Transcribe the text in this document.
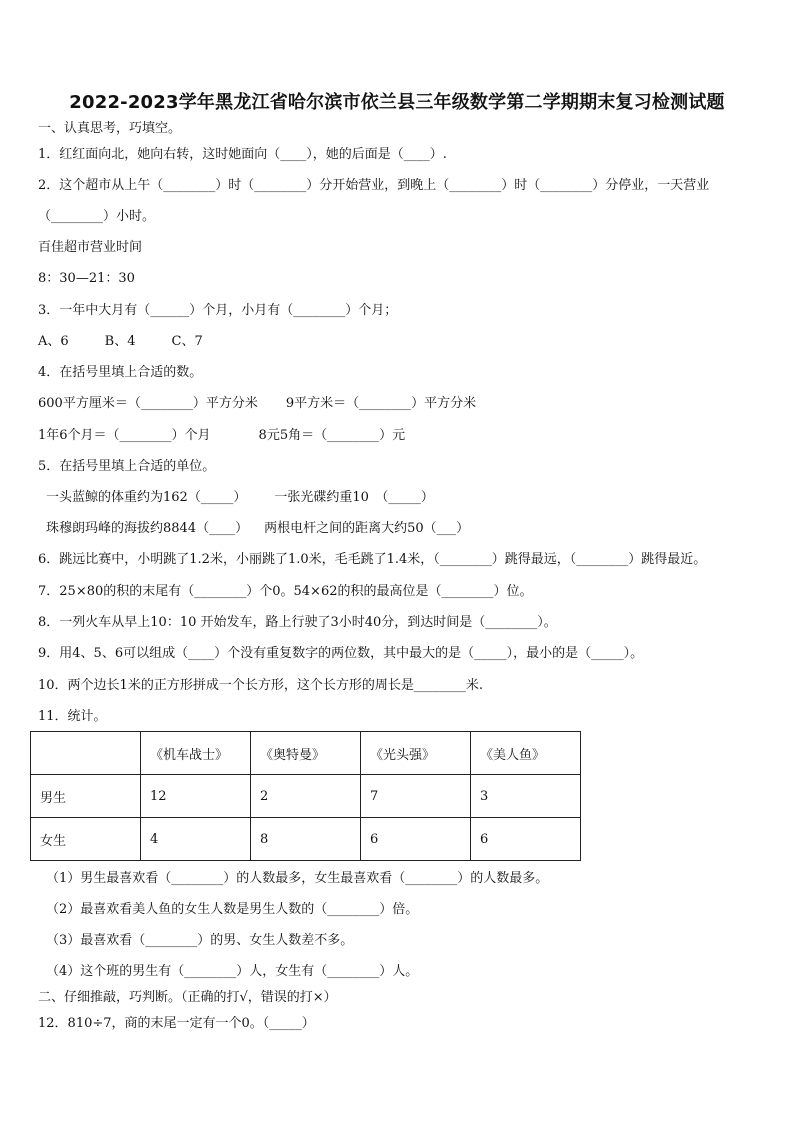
2022-2023学年黑龙江省哈尔滨市依兰县三年级数学第二学期期末复习检测试题
一、认真思考，巧填空。
1．红红面向北，她向右转，这时她面向（____），她的后面是（____）.
2．这个超市从上午（________）时（________）分开始营业，到晚上（________）时（________）分停业，一天营业
（________）小时。
百佳超市营业时间
8：30—21：30
3．一年中大月有（______）个月，小月有（________）个月；
A、6	B、4	C、7
4．在括号里填上合适的数。
600平方厘米＝（________）平方分米 9平方米＝（________）平方分米
1年6个月＝（________）个月	8元5角＝（________）元
5．在括号里填上合适的单位。
一头蓝鲸的体重约为162（_____） 一张光碟约重10　（_____）
珠穆朗玛峰的海拔约8844（____） 两根电杆之间的距离大约50（___）
6．跳远比赛中，小明跳了1.2米，小丽跳了1.0米，毛毛跳了1.4米，（________）跳得最远，（________）跳得最近。
7．25×80的积的末尾有（________）个0。54×62的积的最高位是（________）位。
8．一列火车从早上10：10 开始发车，路上行驶了3小时40分，到达时间是（________）。
9．用4、5、6可以组成（____）个没有重复数字的两位数，其中最大的是（_____），最小的是（_____）。
10．两个边长1米的正方形拼成一个长方形，这个长方形的周长是________米.
11．统计。
	《机车战士》	《奥特曼》	《光头强》	《美人鱼》
男生	12	2	7	3
女生	4	8	6	6
（1）男生最喜欢看（________）的人数最多，女生最喜欢看（________）的人数最多。
（2）最喜欢看美人鱼的女生人数是男生人数的（________）倍。
（3）最喜欢看（________）的男、女生人数差不多。
（4）这个班的男生有（________）人，女生有（________）人。
二、仔细推敲，巧判断。（正确的打√，错误的打×）
12．810÷7，商的末尾一定有一个0。（_____）
